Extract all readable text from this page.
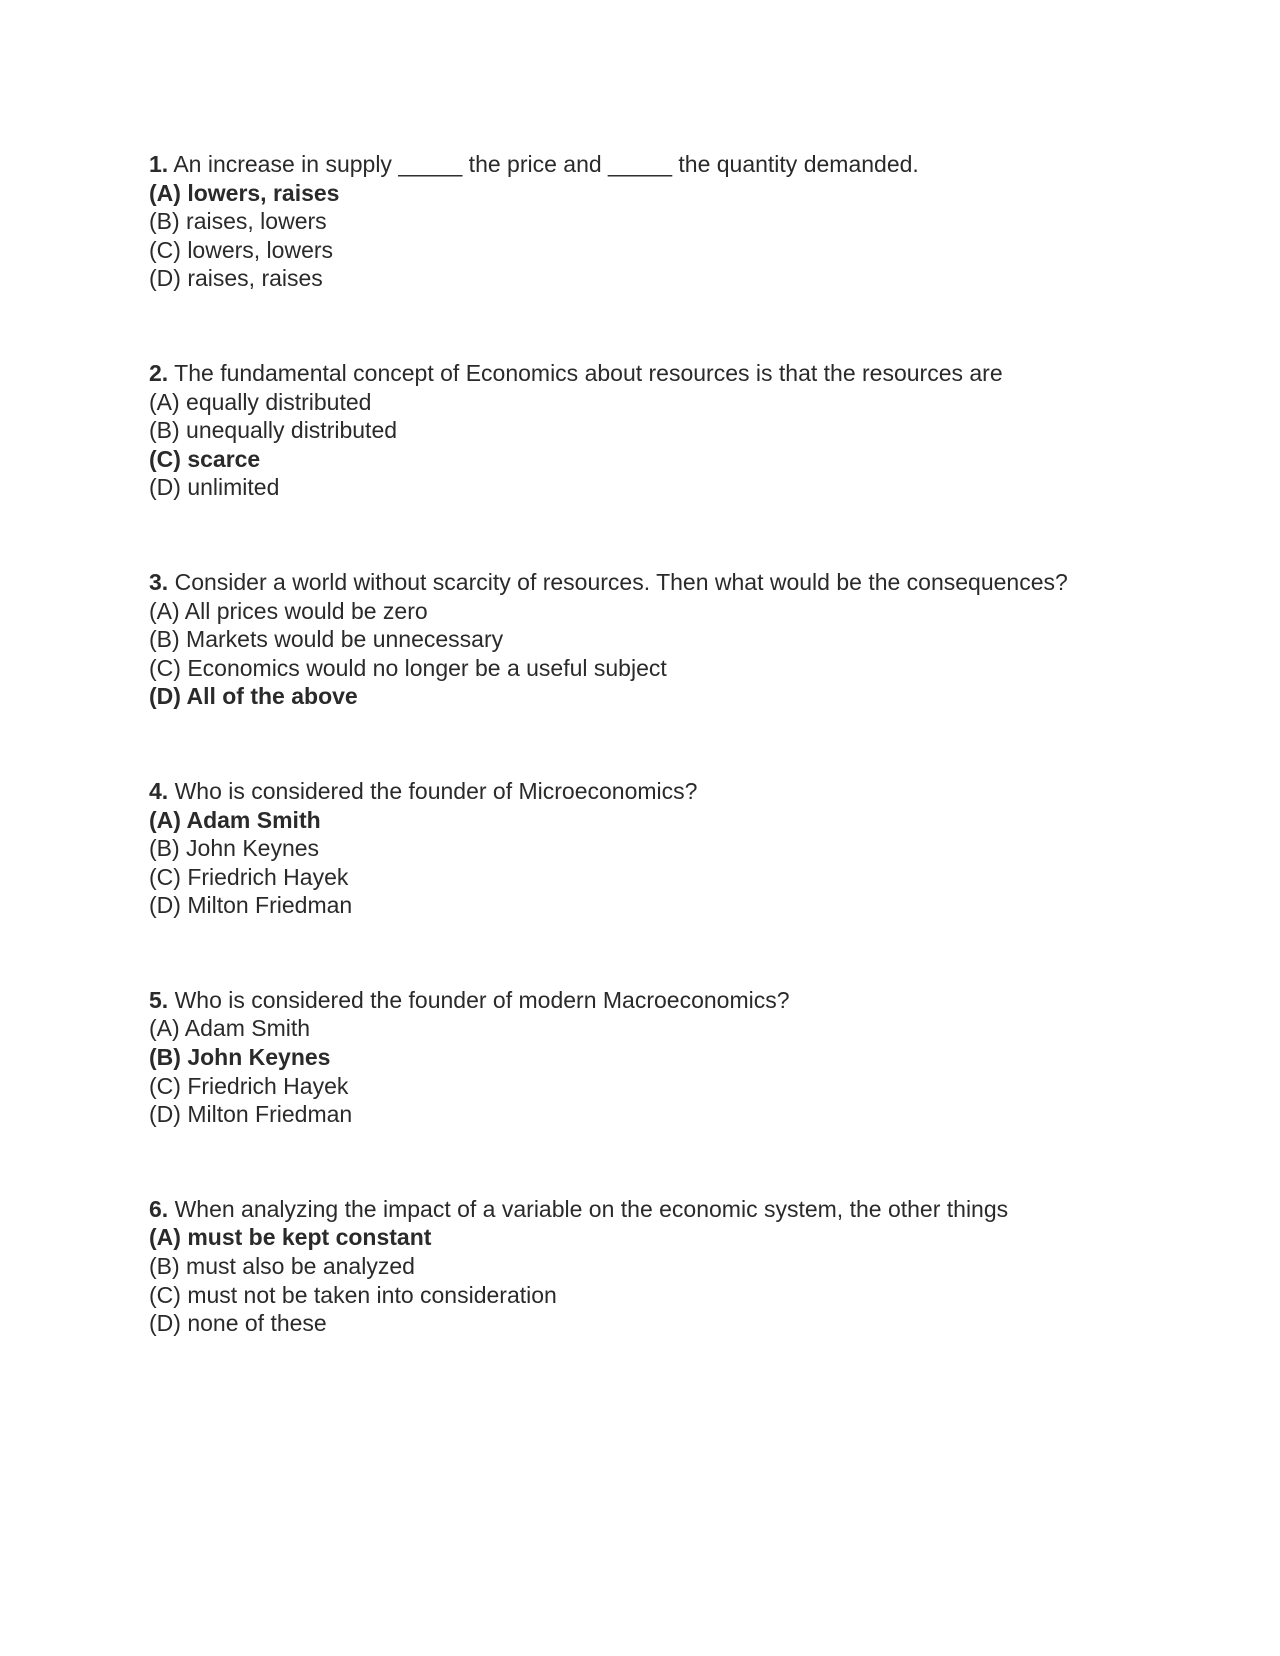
1. An increase in supply _____ the price and _____ the quantity demanded.
(A) lowers, raises
(B) raises, lowers
(C) lowers, lowers
(D) raises, raises
2. The fundamental concept of Economics about resources is that the resources are
(A) equally distributed
(B) unequally distributed
(C) scarce
(D) unlimited
3. Consider a world without scarcity of resources. Then what would be the consequences?
(A) All prices would be zero
(B) Markets would be unnecessary
(C) Economics would no longer be a useful subject
(D) All of the above
4. Who is considered the founder of Microeconomics?
(A) Adam Smith
(B) John Keynes
(C) Friedrich Hayek
(D) Milton Friedman
5. Who is considered the founder of modern Macroeconomics?
(A) Adam Smith
(B) John Keynes
(C) Friedrich Hayek
(D) Milton Friedman
6. When analyzing the impact of a variable on the economic system, the other things
(A) must be kept constant
(B) must also be analyzed
(C) must not be taken into consideration
(D) none of these
